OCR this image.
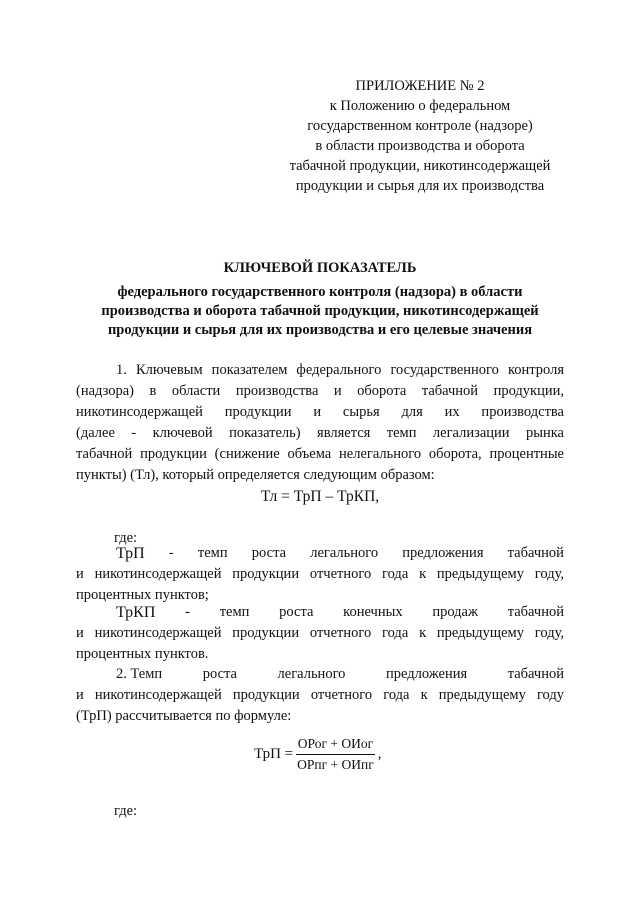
ПРИЛОЖЕНИЕ № 2
к Положению о федеральном
государственном контроле (надзоре)
в области производства и оборота
табачной продукции, никотинсодержащей
продукции и сырья для их производства
КЛЮЧЕВОЙ ПОКАЗАТЕЛЬ
федерального государственного контроля (надзора) в области
производства и оборота табачной продукции, никотинсодержащей
продукции и сырья для их производства и его целевые значения
1. Ключевым показателем федерального государственного контроля
(надзора) в области производства и оборота табачной продукции,
никотинсодержащей продукции и сырья для их производства
(далее - ключевой показатель) является темп легализации рынка
табачной продукции (снижение объема нелегального оборота, процентные
пункты) (Тл), который определяется следующим образом:
Тл = ТрП – ТрКП,
где:
ТрП - темп роста легального предложения табачной
и никотинсодержащей продукции отчетного года к предыдущему году,
процентных пунктов;
ТрКП - темп роста конечных продаж табачной
и никотинсодержащей продукции отчетного года к предыдущему году,
процентных пунктов.
2. Темп	роста	легального	предложения	табачной
и никотинсодержащей продукции отчетного года к предыдущему году
(ТрП) рассчитывается по формуле:
ТрП = $\frac{\text{ОРог + ОИог}}{\text{ОРпг + ОИпг}}$ ,
где:
